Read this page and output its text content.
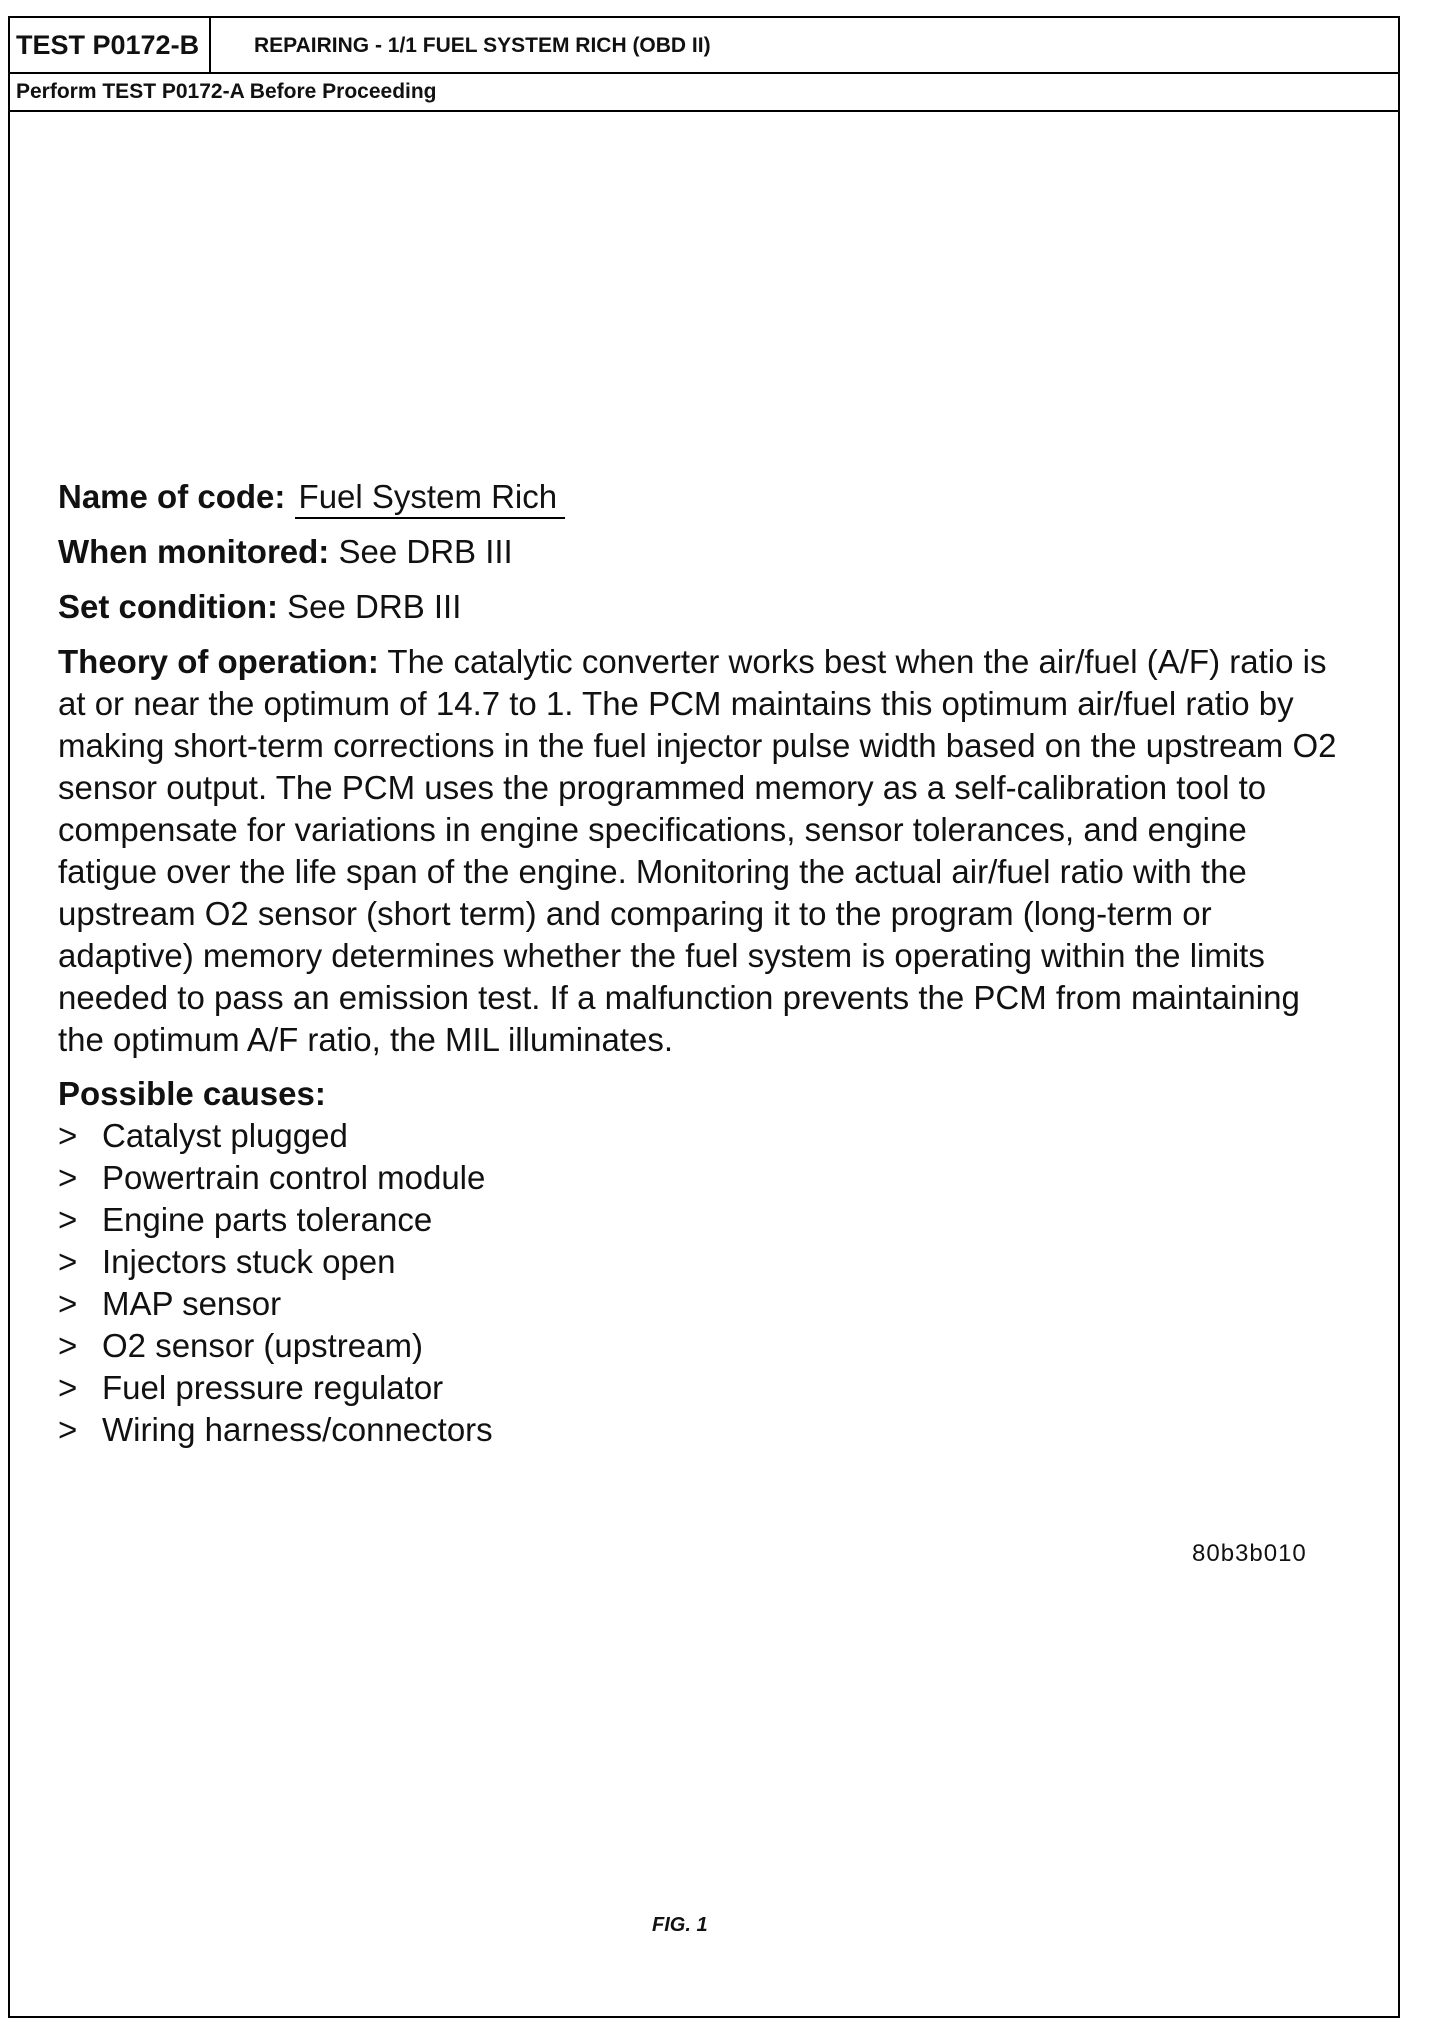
TEST P0172-B	REPAIRING - 1/1 FUEL SYSTEM RICH (OBD II)
Perform TEST P0172-A Before Proceeding

Name of code: Fuel System Rich

When monitored: See DRB III

Set condition: See DRB III

Theory of operation: The catalytic converter works best when the air/fuel (A/F) ratio is at or near the optimum of 14.7 to 1. The PCM maintains this optimum air/fuel ratio by making short-term corrections in the fuel injector pulse width based on the upstream O2 sensor output. The PCM uses the programmed memory as a self-calibration tool to compensate for variations in engine specifications, sensor tolerances, and engine fatigue over the life span of the engine. Monitoring the actual air/fuel ratio with the upstream O2 sensor (short term) and comparing it to the program (long-term or adaptive) memory determines whether the fuel system is operating within the limits needed to pass an emission test. If a malfunction prevents the PCM from maintaining the optimum A/F ratio, the MIL illuminates.

Possible causes:

> Catalyst plugged
> Powertrain control module
> Engine parts tolerance
> Injectors stuck open
> MAP sensor
> O2 sensor (upstream)
> Fuel pressure regulator
> Wiring harness/connectors
80b3b010
FIG. 1
